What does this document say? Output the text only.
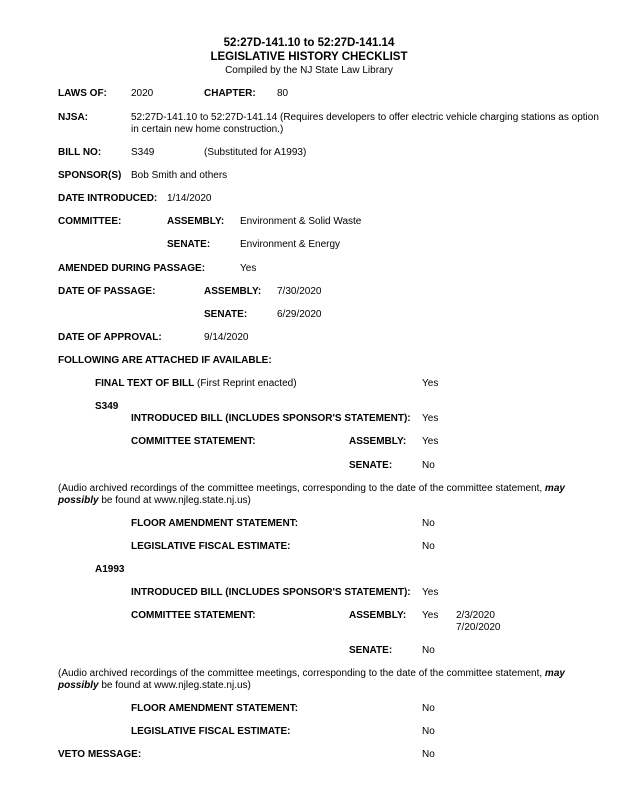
52:27D-141.10 to 52:27D-141.14
LEGISLATIVE HISTORY CHECKLIST
Compiled by the NJ State Law Library
LAWS OF: 2020	CHAPTER: 80
NJSA:	52:27D-141.10 to 52:27D-141.14 (Requires developers to offer electric vehicle charging stations as option in certain new home construction.)
BILL NO:	S349	(Substituted for A1993)
SPONSOR(S) Bob Smith and others
DATE INTRODUCED: 1/14/2020
COMMITTEE:	ASSEMBLY: Environment & Solid Waste
SENATE:	Environment & Energy
AMENDED DURING PASSAGE:	Yes
DATE OF PASSAGE:	ASSEMBLY: 7/30/2020
SENATE:	6/29/2020
DATE OF APPROVAL:	9/14/2020
FOLLOWING ARE ATTACHED IF AVAILABLE:
FINAL TEXT OF BILL (First Reprint enacted)	Yes
S349
INTRODUCED BILL (INCLUDES SPONSOR'S STATEMENT): Yes
COMMITTEE STATEMENT:	ASSEMBLY: Yes
SENATE:	No
(Audio archived recordings of the committee meetings, corresponding to the date of the committee statement, may possibly be found at www.njleg.state.nj.us)
FLOOR AMENDMENT STATEMENT:	No
LEGISLATIVE FISCAL ESTIMATE:	No
A1993
INTRODUCED BILL (INCLUDES SPONSOR'S STATEMENT): Yes
COMMITTEE STATEMENT:	ASSEMBLY: Yes 2/3/2020
7/20/2020
SENATE:	No
(Audio archived recordings of the committee meetings, corresponding to the date of the committee statement, may possibly be found at www.njleg.state.nj.us)
FLOOR AMENDMENT STATEMENT:	No
LEGISLATIVE FISCAL ESTIMATE:	No
VETO MESSAGE:	No
